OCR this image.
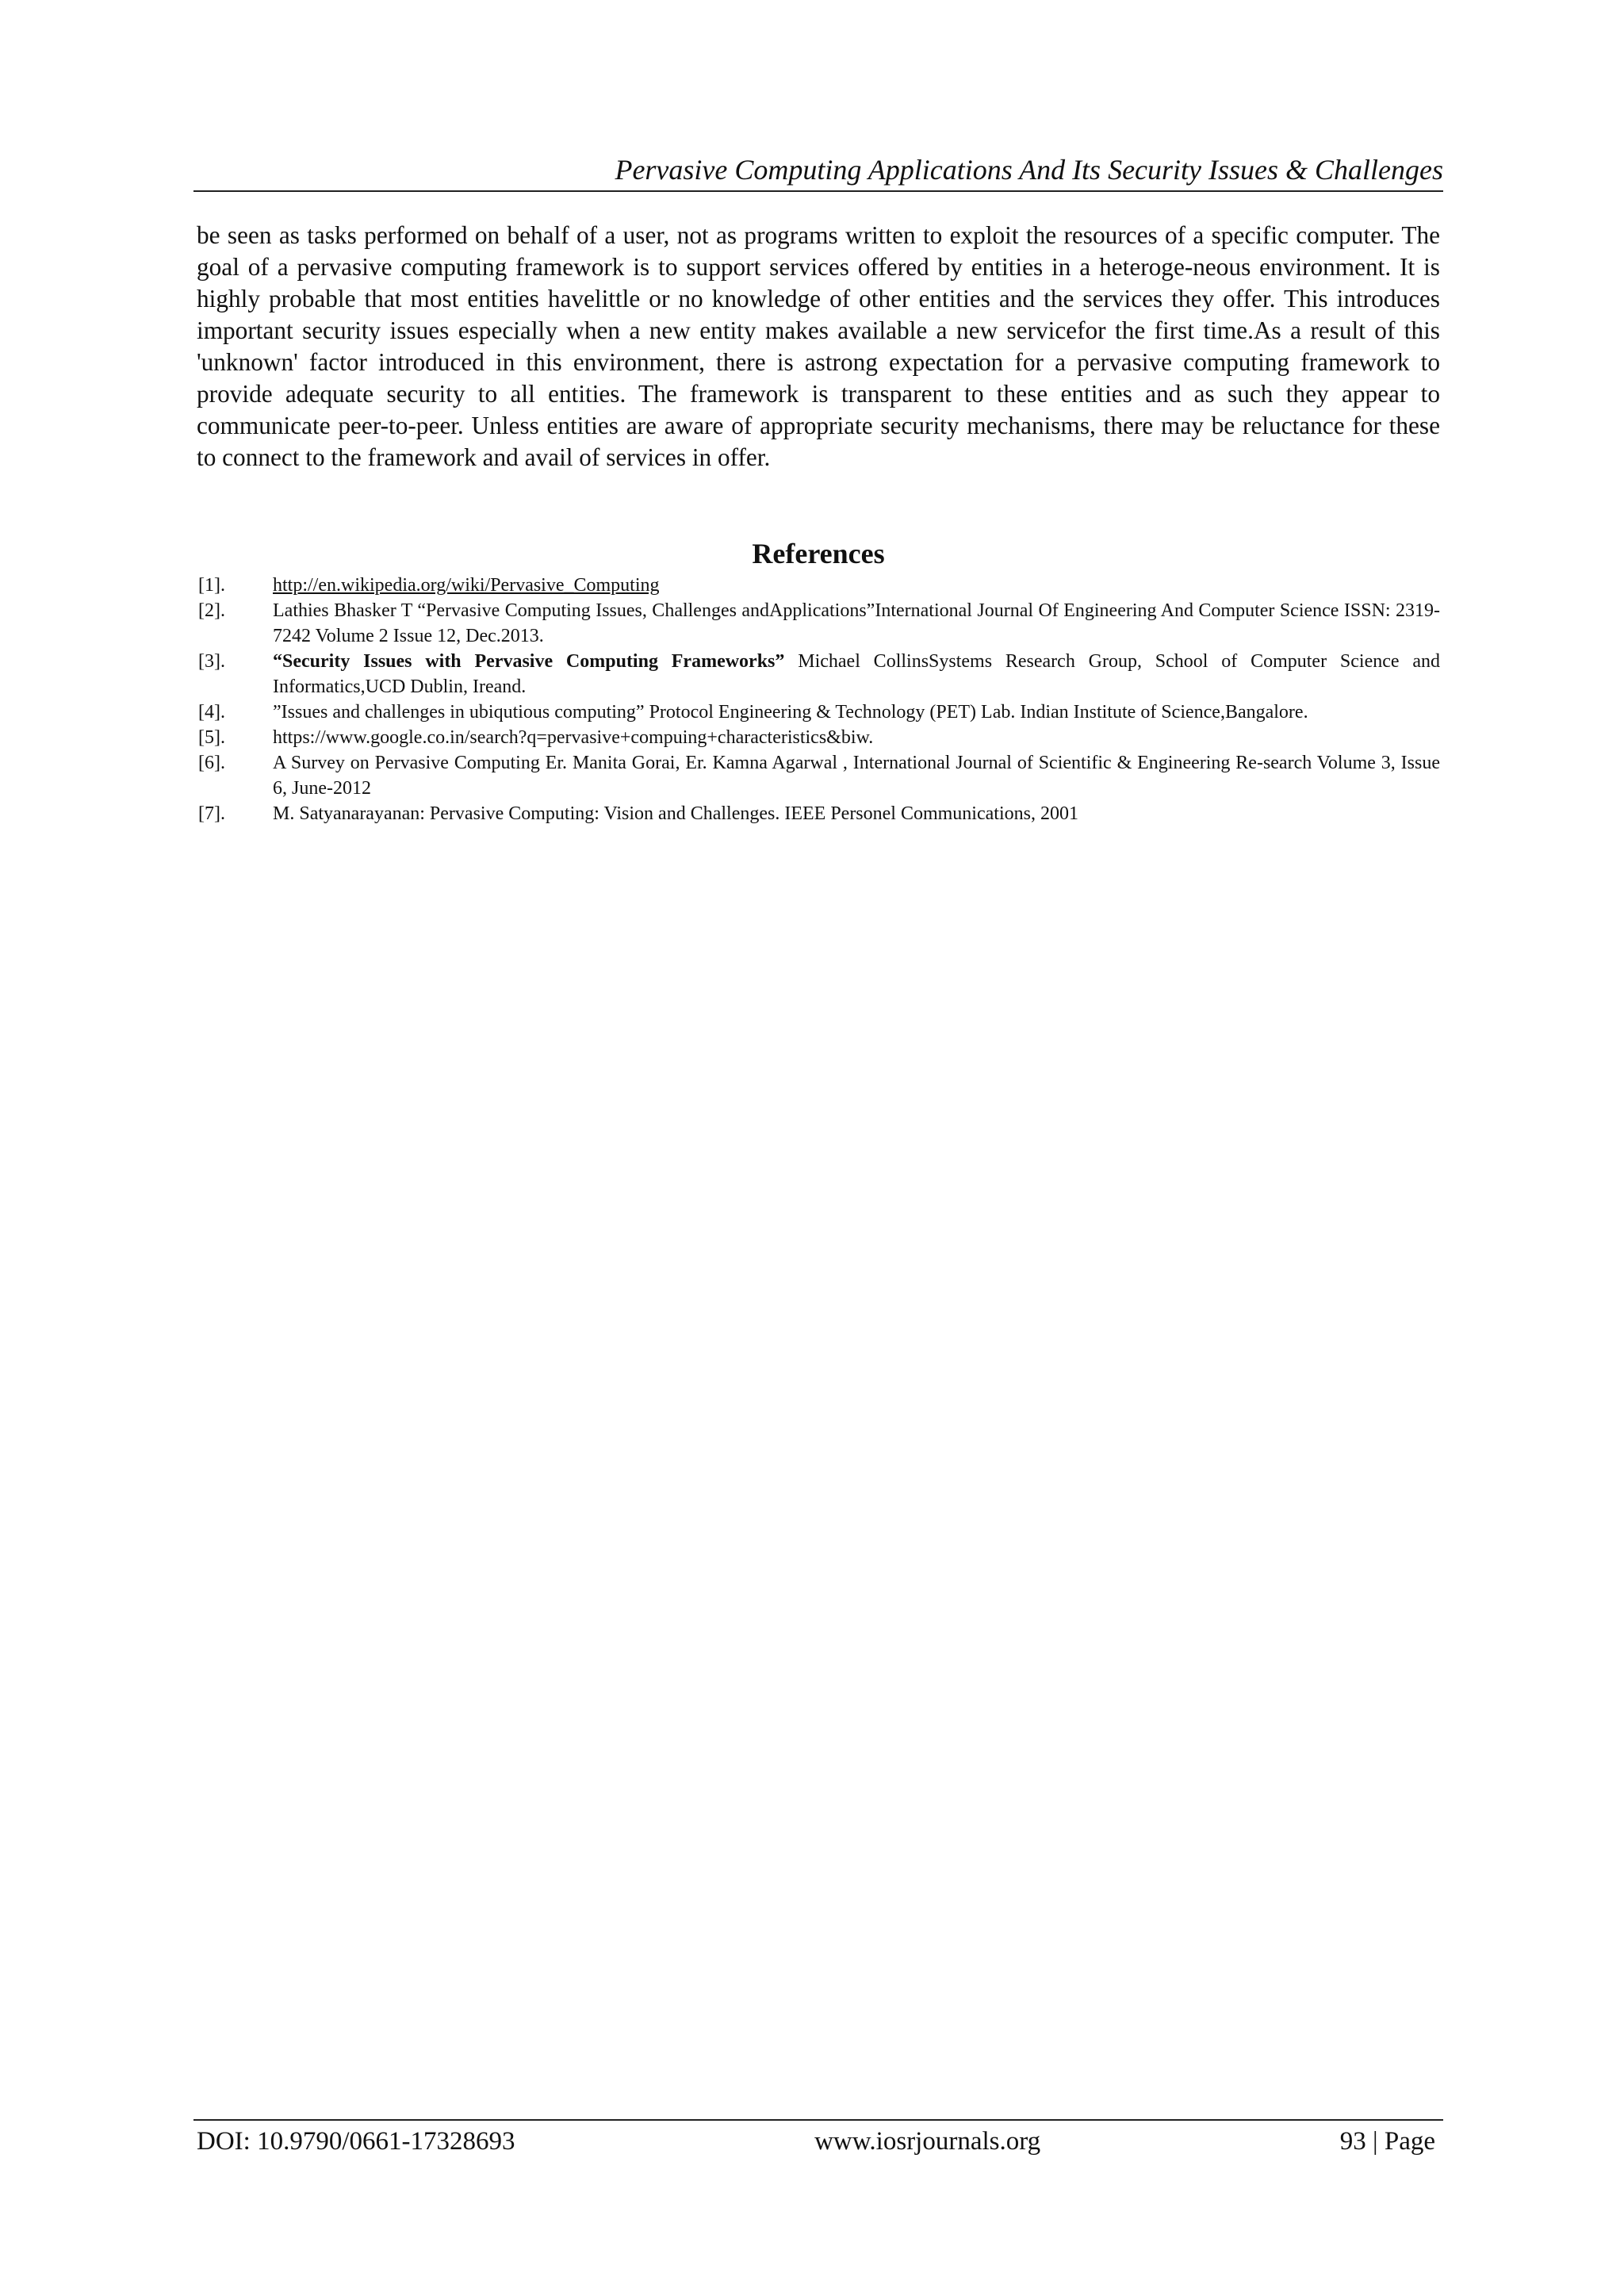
Pervasive Computing Applications And Its Security Issues & Challenges

be seen as tasks performed on behalf of a user, not as programs written to exploit the resources of a specific computer. The goal of a pervasive computing framework is to support services offered by entities in a heteroge-neous environment. It is highly probable that most entities havelittle or no knowledge of other entities and the services they offer. This introduces important security issues especially when a new entity makes available a new servicefor the first time.As a result of this 'unknown' factor introduced in this environment, there is astrong expectation for a pervasive computing framework to provide adequate security to all entities. The framework is transparent to these entities and as such they appear to communicate peer-to-peer. Unless entities are aware of appropriate security mechanisms, there may be reluctance for these to connect to the framework and avail of services in offer.

References
[1].	http://en.wikipedia.org/wiki/Pervasive_Computing
[2].	Lathies Bhasker T “Pervasive Computing Issues, Challenges andApplications”International Journal Of Engineering And Computer Science ISSN: 2319-7242 Volume 2 Issue 12, Dec.2013.
[3].	“Security Issues with Pervasive Computing Frameworks” Michael CollinsSystems Research Group, School of Computer Science and Informatics,UCD Dublin, Ireand.
[4].	”Issues and challenges in ubiqutious computing” Protocol Engineering & Technology (PET) Lab. Indian Institute of Science,Bangalore.
[5].	https://www.google.co.in/search?q=pervasive+compuing+characteristics&biw.
[6].	A Survey on Pervasive Computing Er. Manita Gorai, Er. Kamna Agarwal , International Journal of Scientific & Engineering Re-search Volume 3, Issue 6, June-2012
[7].	M. Satyanarayanan: Pervasive Computing: Vision and Challenges. IEEE Personel Communications, 2001
DOI: 10.9790/0661-17328693	www.iosrjournals.org	93 | Page
